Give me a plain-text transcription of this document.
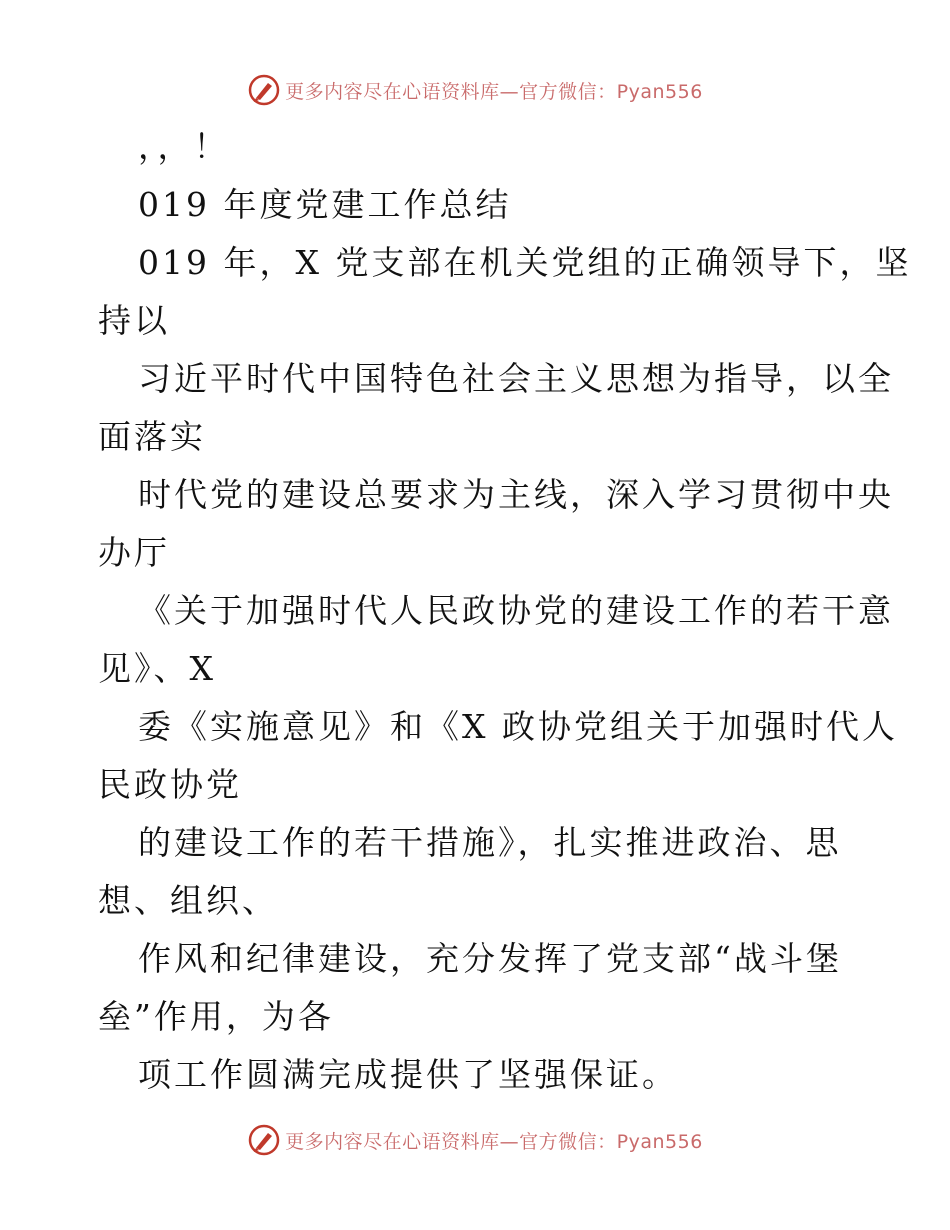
更多内容尽在心语资料库—官方微信：Pyan556
，，！
019 年度党建工作总结
019 年，X 党支部在机关党组的正确领导下，坚
持以
习近平时代中国特色社会主义思想为指导，以全
面落实
时代党的建设总要求为主线，深入学习贯彻中央
办厅
《关于加强时代人民政协党的建设工作的若干意
见》、X
委《实施意见》和《X 政协党组关于加强时代人
民政协党
的建设工作的若干措施》，扎实推进政治、思
想、组织、
作风和纪律建设，充分发挥了党支部“战斗堡
垒”作用，为各
项工作圆满完成提供了坚强保证。
更多内容尽在心语资料库—官方微信：Pyan556
